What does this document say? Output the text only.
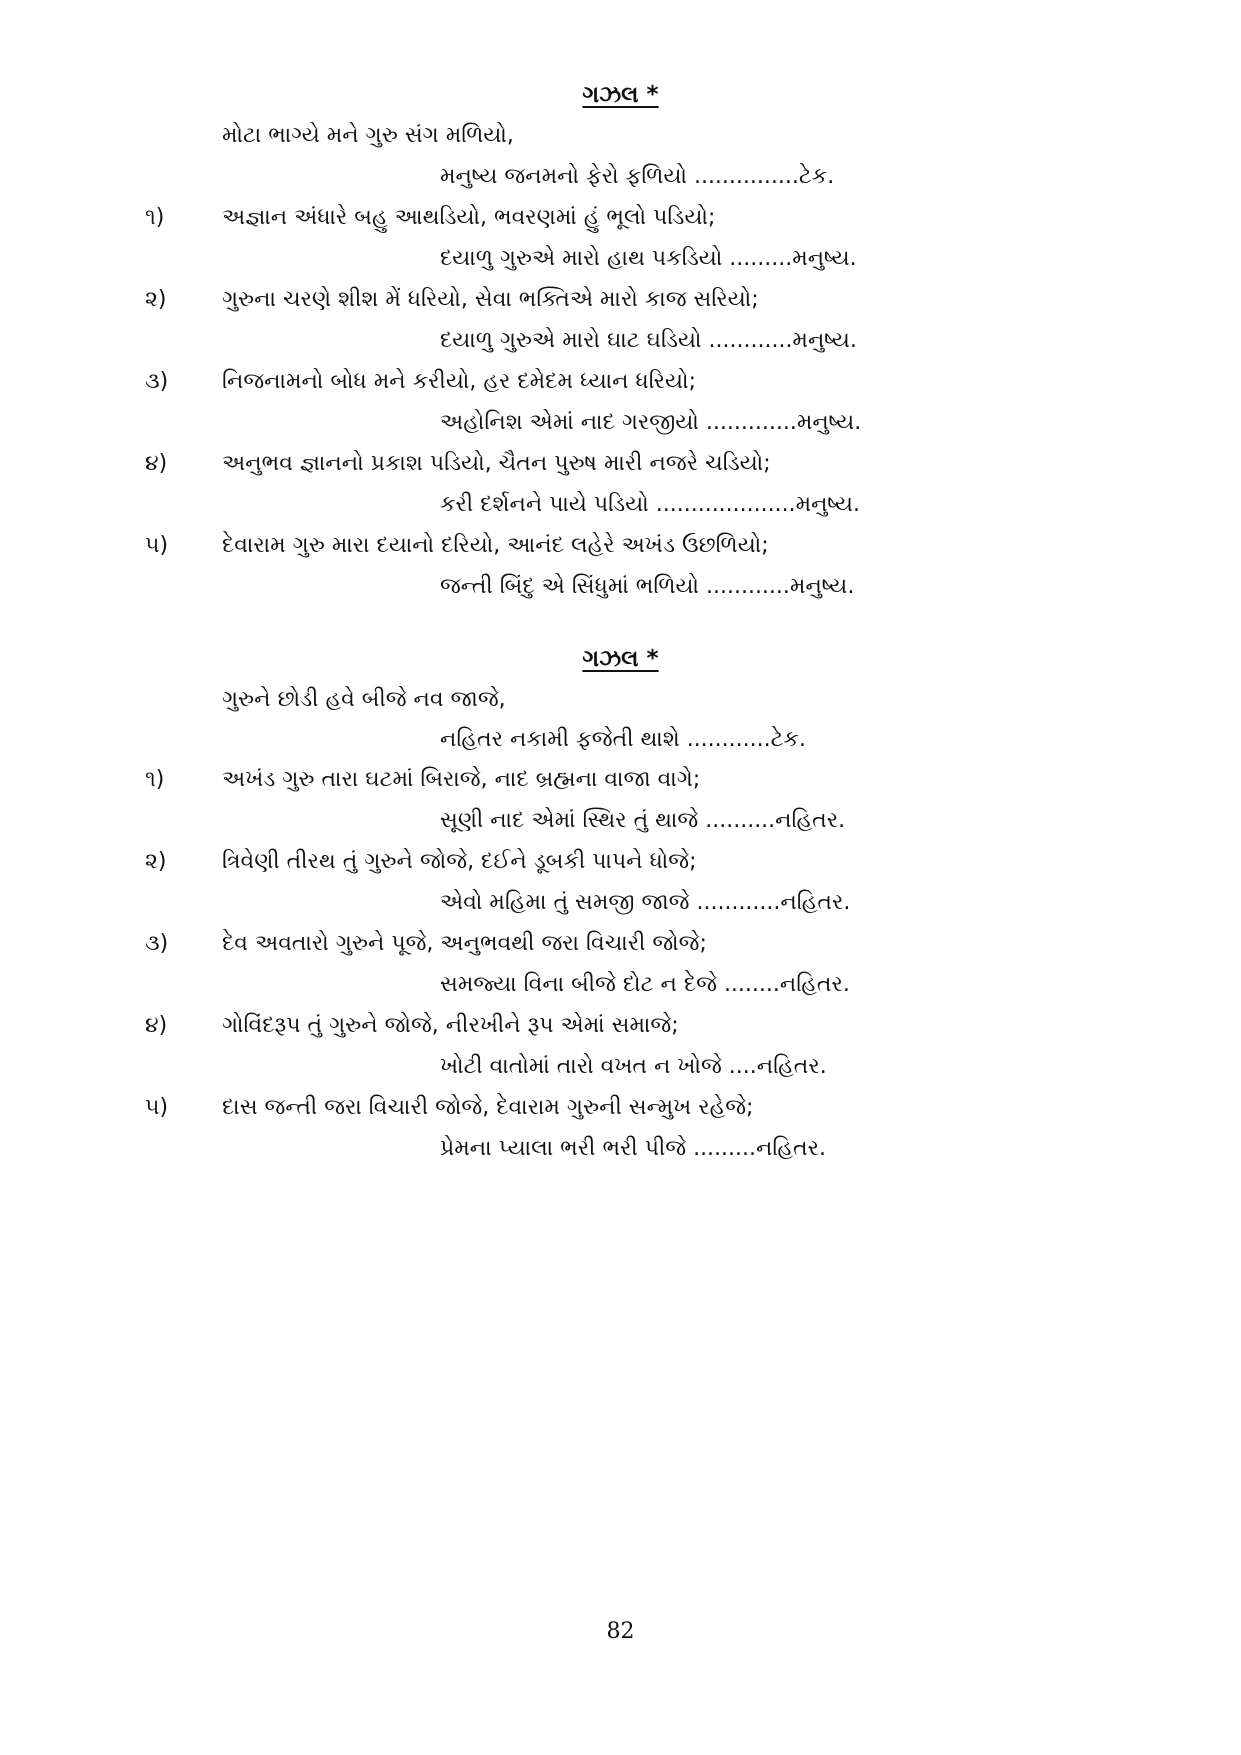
ગઝલ *
મોટા ભાગ્યે મને ગુરુ સંગ મળિયો,
મનુષ્ય જનમનો ફેરો ફળિયો ...............ટેક.
૧)	અજ્ઞાન અંધારે બહુ આથડિયો, ભવરણમાં હું ભૂલો પડિયો;
દયાળુ ગુરુએ મારો હાથ પકડિયો .........મનુષ્ય.
૨)	ગુરુના ચરણે શીશ મેં ધરિયો, સેવા ભક્તિએ મારો કાજ સરિયો;
દયાળુ ગુરુએ મારો ઘાટ ઘડિયો ............મનુષ્ય.
૩) નિજનામનો બોધ મને કરીયો, હર દમેદમ ધ્યાન ધરિયો;
અહોનિશ એમાં નાદ ગરજીયો .............મનુષ્ય.
૪) અનુભવ જ્ઞાનનો પ્રકાશ પડિયો, ચૈતન પુરુષ મારી નજરે ચડિયો;
કરી દર્શનને પાયે પડિયો ....................મનુષ્ય.
૫) દેવારામ ગુરુ મારા દયાનો દરિયો, આનંદ લહેરે અખંડ ઉછળિયો;
જન્તી બિંદુ એ સિંધુમાં ભળિયો ............મનુષ્ય.
ગઝલ *
ગુરુને છોડી હવે બીજે નવ જાજે,
નહિતર નકામી ફજેતી થાશે ............ટેક.
૧)	અખંડ ગુરુ તારા ઘટમાં બિરાજે, નાદ બ્રહ્મના વાજા વાગે;
સૂણી નાદ એમાં સ્થિર તું થાજે ..........નહિતર.
૨)	ત્રિવેણી તીરથ તું ગુરુને જોજે, દઈને ડૂબકી પાપને ધોજે;
એવો મહિમા તું સમજી જાજે ............નહિતર.
૩) દેવ અવતારો ગુરુને પૂજે, અનુભવથી જરા વિચારી જોજે;
સમજ્યા વિના બીજે દોટ ન દેજે ........નહિતર.
૪) ગોવિંદરૂપ તું ગુરુને જોજે, નીરખીને રૂપ એમાં સમાજે;
ખોટી વાતોમાં તારો વખત ન ખોજે ....નહિતર.
૫) દાસ જન્તી જરા વિચારી જોજે, દેવારામ ગુરુની સન્મુખ રહેજે;
પ્રેમના પ્યાલા ભરી ભરી પીજે .........નહિતર.
82
